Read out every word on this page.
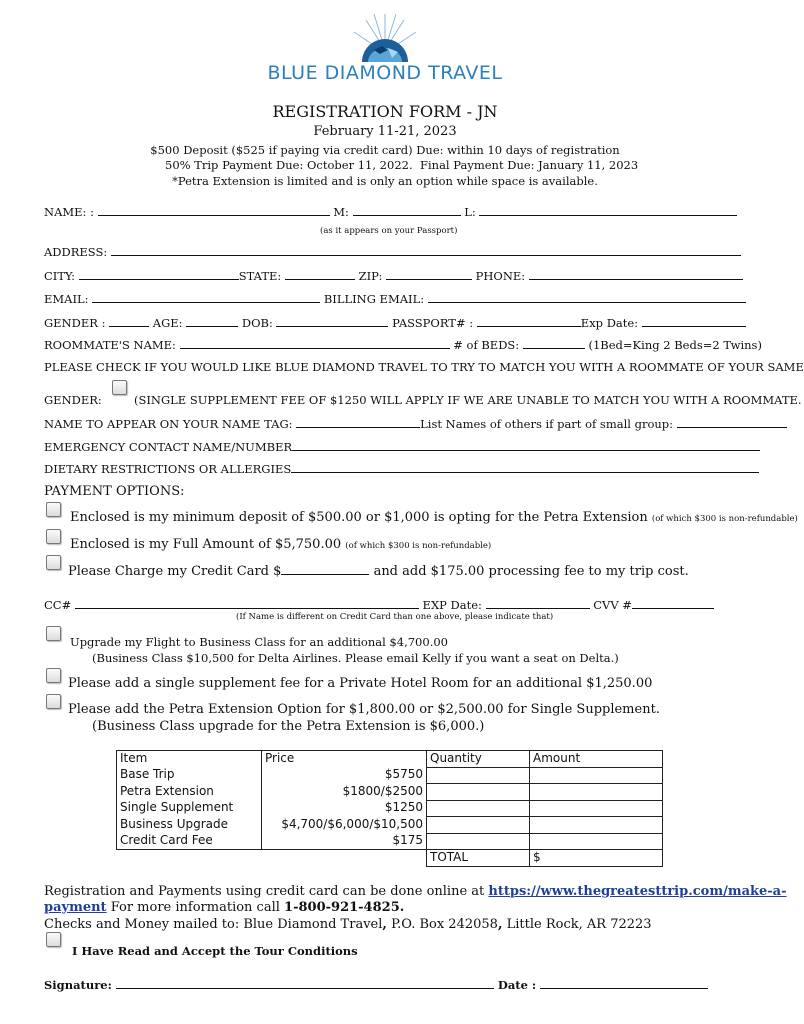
BLUE DIAMOND TRAVEL
REGISTRATION FORM - JN
February 11-21, 2023
$500 Deposit ($525 if paying via credit card) Due: within 10 days of registration
50% Trip Payment Due: October 11, 2022. Final Payment Due: January 11, 2023
*Petra Extension is limited and is only an option while space is available.
NAME: :	M:	L:
(as it appears on your Passport)
ADDRESS:
CITY:	STATE:	ZIP:	PHONE:
EMAIL:	BILLING EMAIL:
GENDER :	AGE:	DOB:	PASSPORT# :	Exp Date:
ROOMMATE'S NAME:	# of BEDS:	(1Bed=King 2 Beds=2 Twins)
PLEASE CHECK IF YOU WOULD LIKE BLUE DIAMOND TRAVEL TO TRY TO MATCH YOU WITH A ROOMMATE OF YOUR SAME
GENDER:	(SINGLE SUPPLEMENT FEE OF $1250 WILL APPLY IF WE ARE UNABLE TO MATCH YOU WITH A ROOMMATE.
NAME TO APPEAR ON YOUR NAME TAG:	List Names of others if part of small group:
EMERGENCY CONTACT NAME/NUMBER
DIETARY RESTRICTIONS OR ALLERGIES
PAYMENT OPTIONS:
Enclosed is my minimum deposit of $500.00 or $1,000 is opting for the Petra Extension (of which $300 is non-refundable)
Enclosed is my Full Amount of $5,750.00 (of which $300 is non-refundable)
Please Charge my Credit Card $	and add $175.00 processing fee to my trip cost.
CC#	EXP Date:	CVV #
(If Name is different on Credit Card than one above, please indicate that)
Upgrade my Flight to Business Class for an additional $4,700.00
(Business Class $10,500 for Delta Airlines. Please email Kelly if you want a seat on Delta.)
Please add a single supplement fee for a Private Hotel Room for an additional $1,250.00
Please add the Petra Extension Option for $1,800.00 or $2,500.00 for Single Supplement.
(Business Class upgrade for the Petra Extension is $6,000.)
Item	Price	Quantity	Amount
Base Trip	$5750		
Petra Extension	$1800/$2500		
Single Supplement	$1250		
Business Upgrade	$4,700/$6,000/$10,500		
Credit Card Fee	$175		
		TOTAL	$
Registration and Payments using credit card can be done online at https://www.thegreatesttrip.com/make-a-
payment For more information call 1-800-921-4825.
Checks and Money mailed to: Blue Diamond Travel, P.O. Box 242058, Little Rock, AR 72223
I Have Read and Accept the Tour Conditions
Signature:	Date :
